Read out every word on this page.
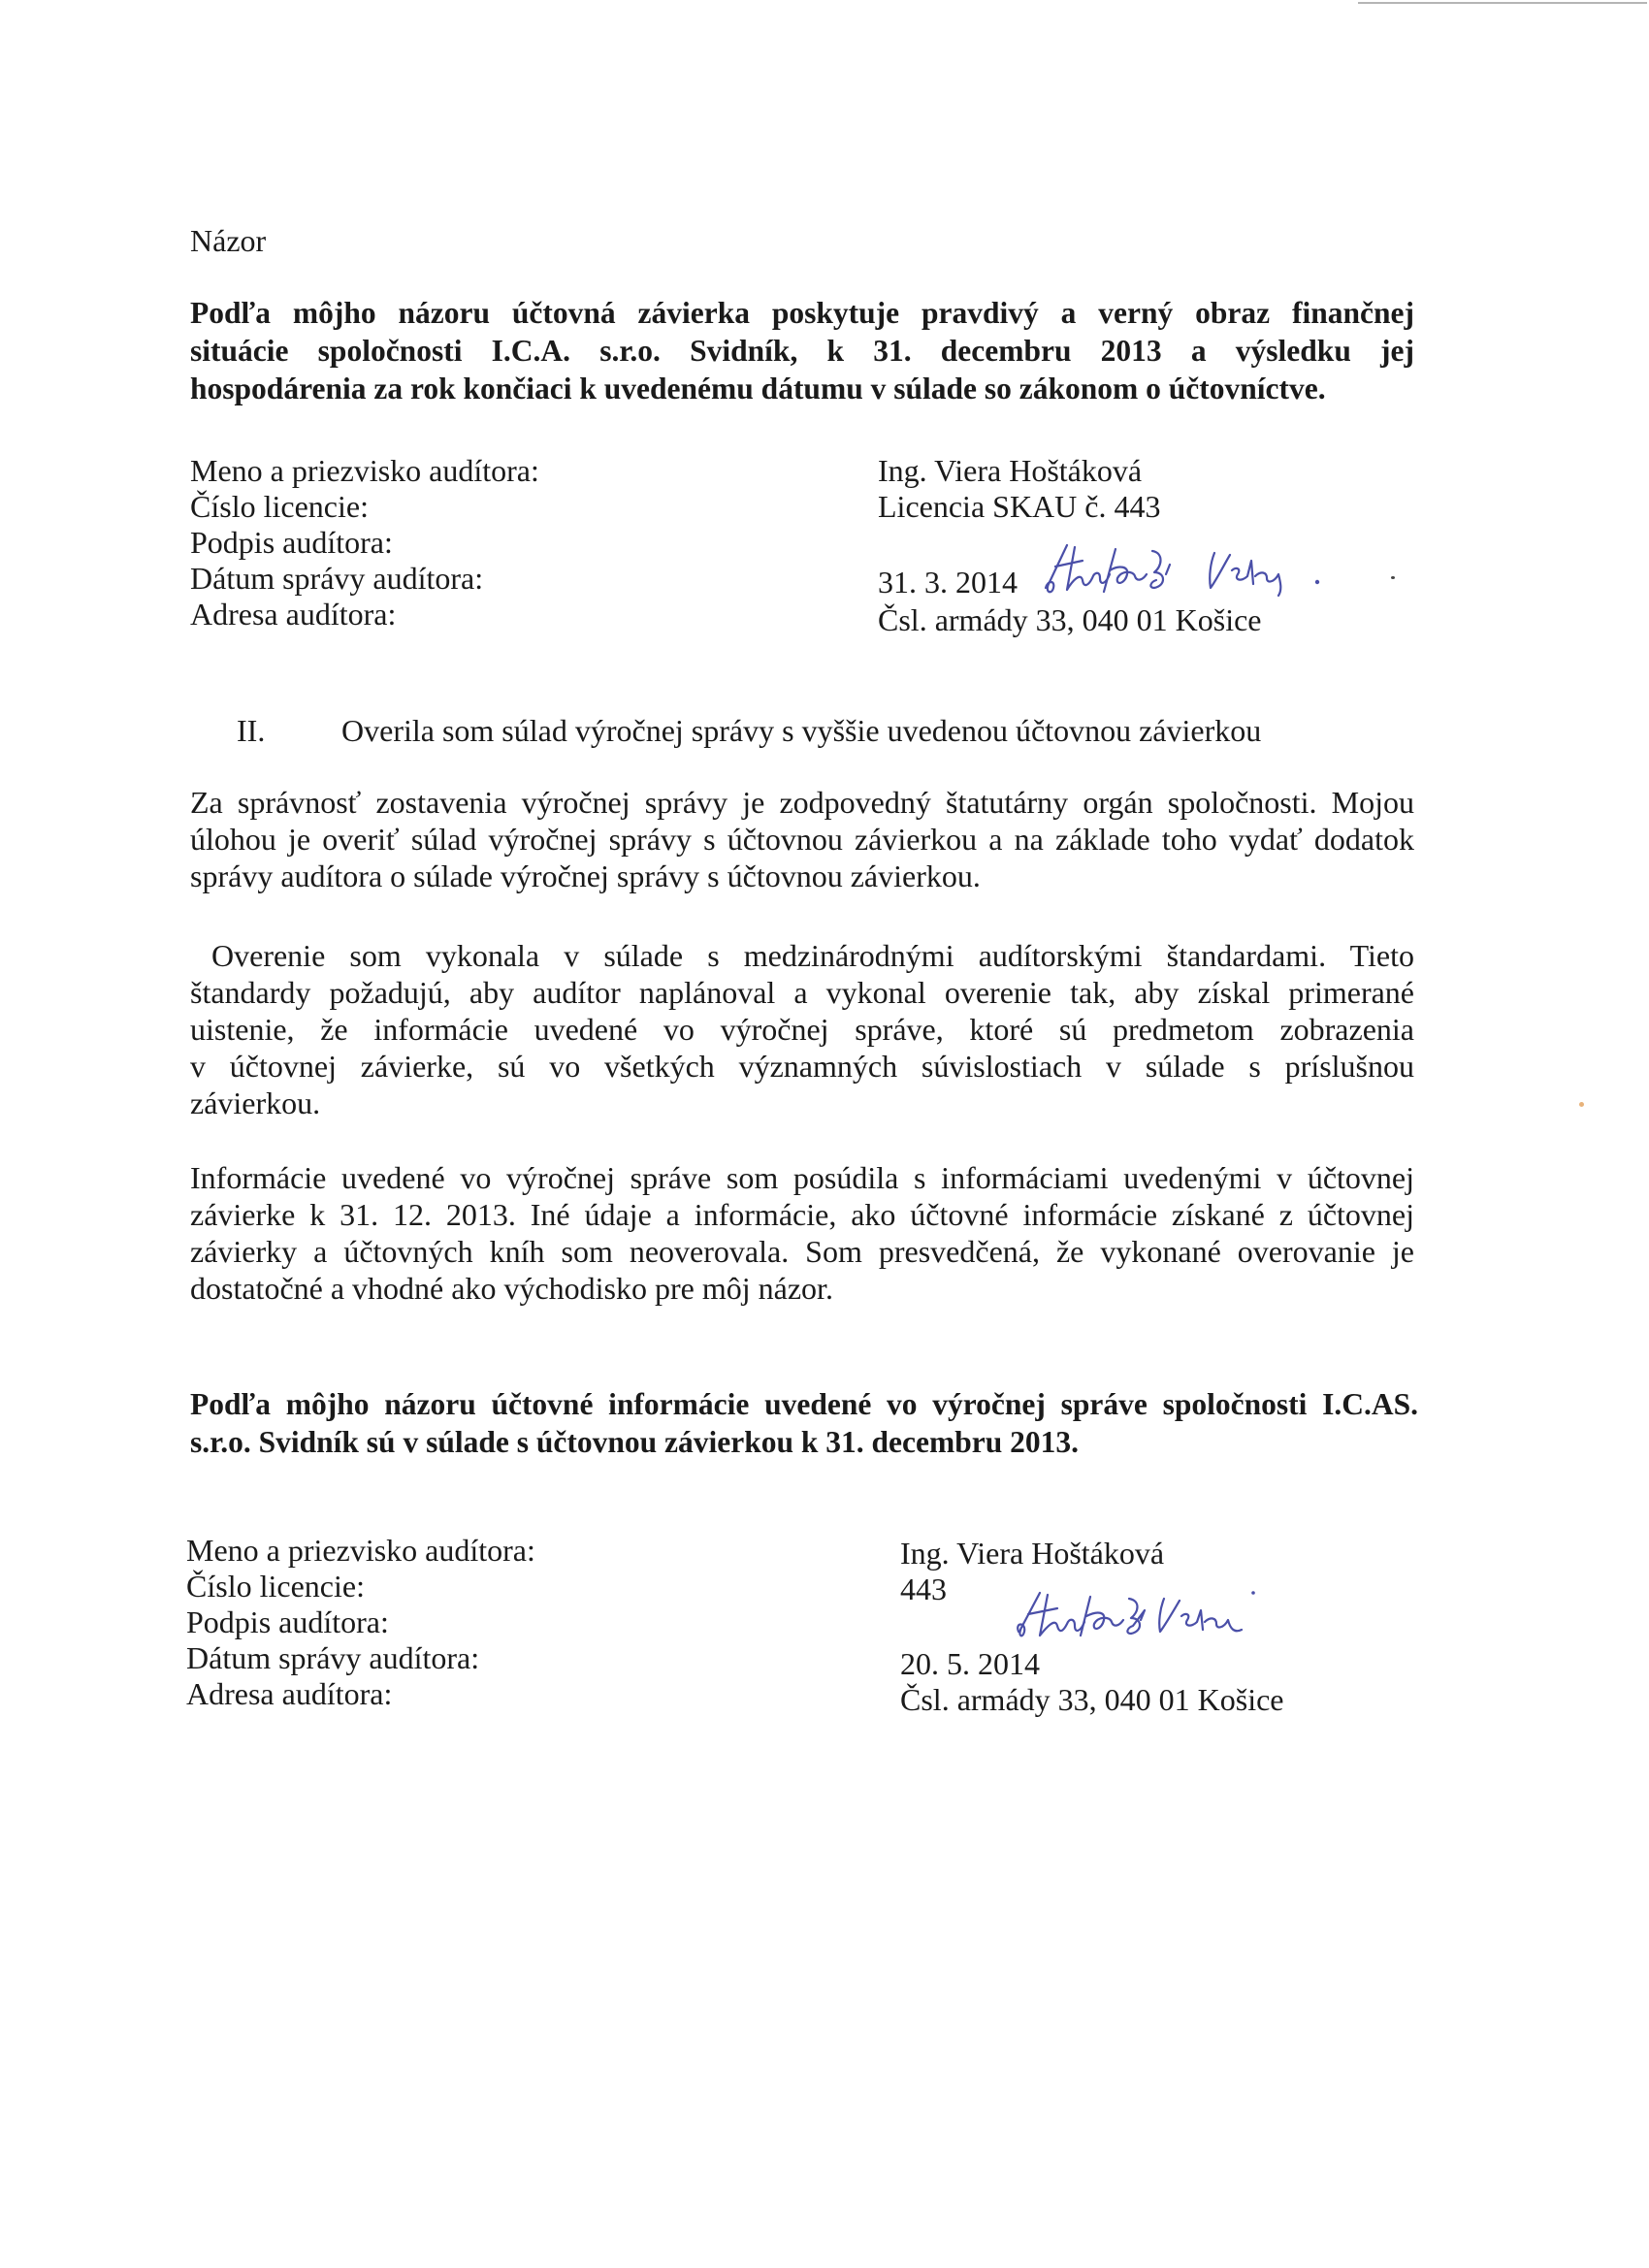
Názor
Podľa môjho názoru účtovná závierka poskytuje pravdivý a verný obraz finančnej
situácie spoločnosti I.C.A. s.r.o. Svidník, k 31. decembru 2013 a výsledku jej
hospodárenia za rok končiaci k uvedenému dátumu v súlade so zákonom o účtovníctve.
Meno a priezvisko audítora:
Číslo licencie:
Podpis audítora:
Dátum správy audítora:
Adresa audítora:
Ing. Viera Hoštáková
Licencia SKAU č. 443
31. 3. 2014
Čsl. armády 33, 040 01 Košice
II. Overila som súlad výročnej správy s vyššie uvedenou účtovnou závierkou
Za správnosť zostavenia výročnej správy je zodpovedný štatutárny orgán spoločnosti. Mojou
úlohou je overiť súlad výročnej správy s účtovnou závierkou a na základe toho vydať dodatok
správy audítora o súlade výročnej správy s účtovnou závierkou.
Overenie som vykonala v súlade s medzinárodnými audítorskými štandardami. Tieto
štandardy požadujú, aby audítor naplánoval a vykonal overenie tak, aby získal primerané
uistenie, že informácie uvedené vo výročnej správe, ktoré sú predmetom zobrazenia
v účtovnej závierke, sú vo všetkých významných súvislostiach v súlade s príslušnou
závierkou.
Informácie uvedené vo výročnej správe som posúdila s informáciami uvedenými v účtovnej
závierke k 31. 12. 2013. Iné údaje a informácie, ako účtovné informácie získané z účtovnej
závierky a účtovných kníh som neoverovala. Som presvedčená, že vykonané overovanie je
dostatočné a vhodné ako východisko pre môj názor.
Podľa môjho názoru účtovné informácie uvedené vo výročnej správe spoločnosti I.C.AS.
s.r.o. Svidník sú v súlade s účtovnou závierkou k 31. decembru 2013.
Meno a priezvisko audítora:
Číslo licencie:
Podpis audítora:
Dátum správy audítora:
Adresa audítora:
Ing. Viera Hoštáková
443
20. 5. 2014
Čsl. armády 33, 040 01 Košice
